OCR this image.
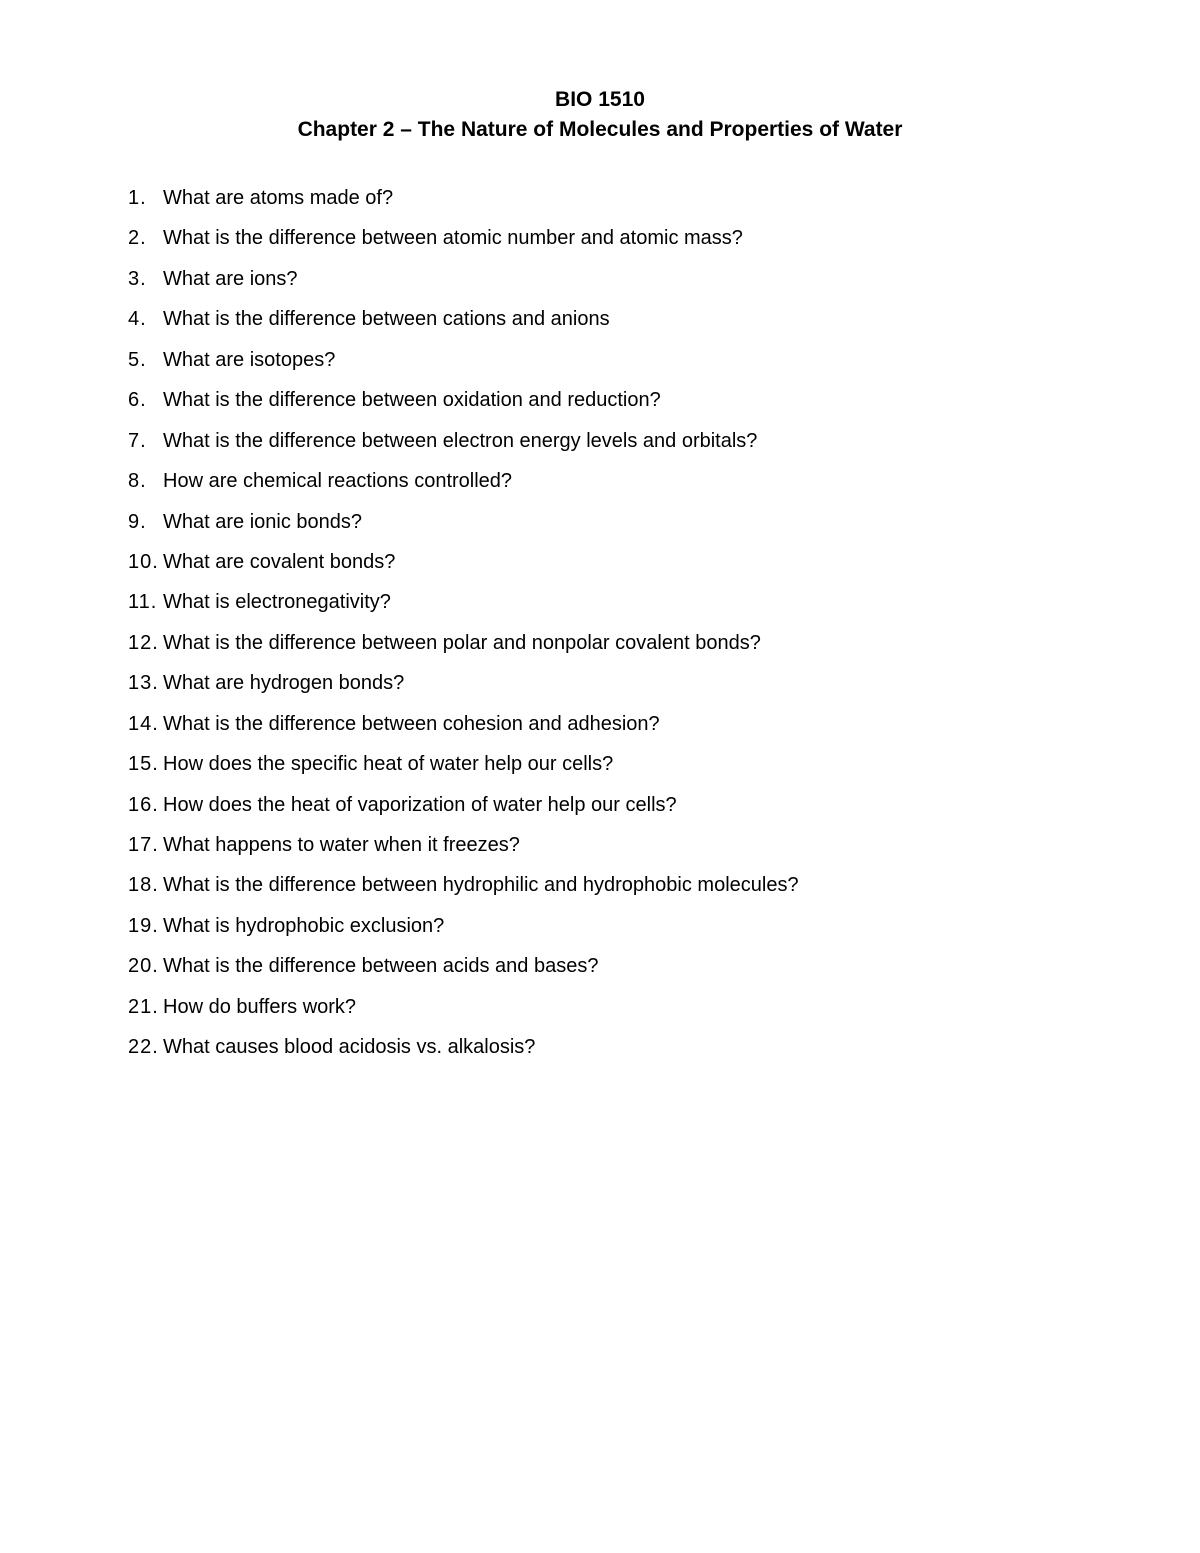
BIO 1510
Chapter 2 – The Nature of Molecules and Properties of Water
1. What are atoms made of?
2. What is the difference between atomic number and atomic mass?
3. What are ions?
4. What is the difference between cations and anions
5. What are isotopes?
6. What is the difference between oxidation and reduction?
7. What is the difference between electron energy levels and orbitals?
8. How are chemical reactions controlled?
9. What are ionic bonds?
10. What are covalent bonds?
11. What is electronegativity?
12. What is the difference between polar and nonpolar covalent bonds?
13. What are hydrogen bonds?
14. What is the difference between cohesion and adhesion?
15. How does the specific heat of water help our cells?
16. How does the heat of vaporization of water help our cells?
17. What happens to water when it freezes?
18. What is the difference between hydrophilic and hydrophobic molecules?
19. What is hydrophobic exclusion?
20. What is the difference between acids and bases?
21. How do buffers work?
22. What causes blood acidosis vs. alkalosis?
